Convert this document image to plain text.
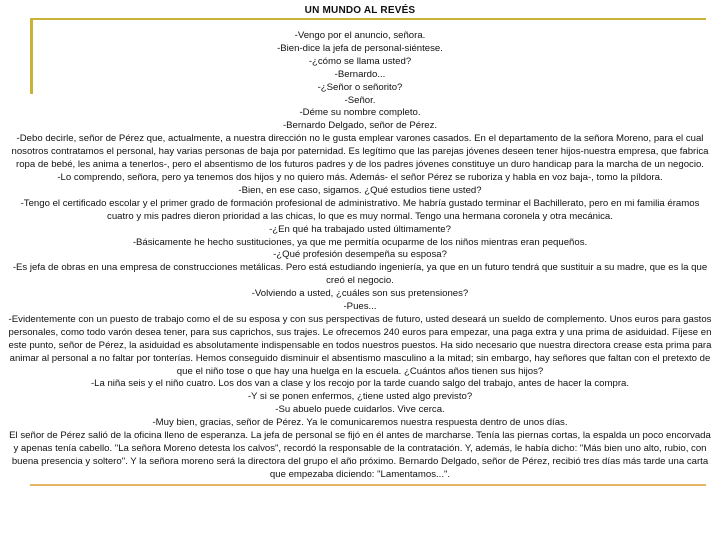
UN MUNDO AL REVÉS

-Vengo por el anuncio, señora.

-Bien-dice la jefa de personal-siéntese.

-¿cómo se llama usted?

-Bernardo...

-¿Señor o señorito?

-Señor.

-Déme su nombre completo.

-Bernardo Delgado, señor de Pérez.

-Debo decirle, señor de Pérez que, actualmente, a nuestra dirección no le gusta emplear varones casados. En el departamento de la señora Moreno, para el cual nosotros contratamos el personal, hay varias personas de baja por paternidad. Es legítimo que las parejas jóvenes deseen tener hijos-nuestra empresa, que fabrica ropa de bebé, les anima a tenerlos-, pero el absentismo de los futuros padres y de los padres jóvenes constituye un duro handicap para la marcha de un negocio.

-Lo comprendo, señora, pero ya tenemos dos hijos y no quiero más. Además- el señor Pérez se ruboriza y habla en voz baja-, tomo la píldora.

-Bien, en ese caso, sigamos. ¿Qué estudios tiene usted?

-Tengo el certificado escolar y el primer grado de formación profesional de administrativo. Me habría gustado terminar el Bachillerato, pero en mi familia éramos cuatro y mis padres dieron prioridad a las chicas, lo que es muy normal. Tengo una hermana coronela y otra mecánica.

-¿En qué ha trabajado usted últimamente?

-Básicamente he hecho sustituciones, ya que me permitía ocuparme de los niños mientras eran pequeños.

-¿Qué profesión desempeña su esposa?

-Es jefa de obras en una empresa de construcciones metálicas. Pero está estudiando ingeniería, ya que en un futuro tendrá que sustituir a su madre, que es la que creó el negocio.

-Volviendo a usted, ¿cuáles son sus pretensiones?

-Pues...

-Evidentemente con un puesto de trabajo como el de su esposa y con sus perspectivas de futuro, usted deseará un sueldo de complemento. Unos euros para gastos personales, como todo varón desea tener, para sus caprichos, sus trajes. Le ofrecemos 240 euros para empezar, una paga extra y una prima de asiduidad. Fíjese en este punto, señor de Pérez, la asiduidad es absolutamente indispensable en todos nuestros puestos. Ha sido necesario que nuestra directora crease esta prima para animar al personal a no faltar por tonterías. Hemos conseguido disminuir el absentismo masculino a la mitad; sin embargo, hay señores que faltan con el pretexto de que el niño tose o que hay una huelga en la escuela. ¿Cuántos años tienen sus hijos?

-La niña seis y el niño cuatro. Los dos van a clase y los recojo por la tarde cuando salgo del trabajo, antes de hacer la compra.

-Y si se ponen enfermos, ¿tiene usted algo previsto?

-Su abuelo puede cuidarlos. Vive cerca.

-Muy bien, gracias, señor de Pérez. Ya le comunicaremos nuestra respuesta dentro de unos días.

El señor de Pérez salió de la oficina lleno de esperanza. La jefa de personal se fijó en él antes de marcharse. Tenía las piernas cortas, la espalda un poco encorvada y apenas tenía cabello. "La señora Moreno detesta los calvos", recordó la responsable de la contratación. Y, además, le había dicho: "Más bien uno alto, rubio, con buena presencia y soltero". Y la señora moreno será la directora del grupo el año próximo. Bernardo Delgado, señor de Pérez, recibió tres días más tarde una carta que empezaba diciendo: "Lamentamos...".
